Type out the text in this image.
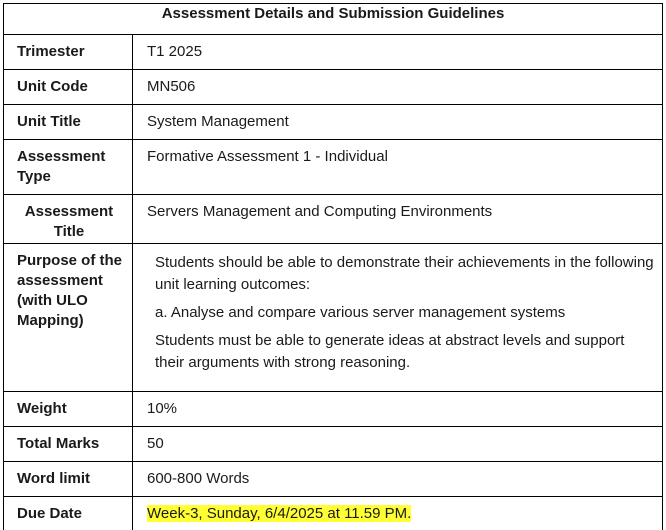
Assessment Details and Submission Guidelines	
Trimester	T1 2025
Unit Code	MN506
Unit Title	System Management
Assessment Type	Formative Assessment 1 - Individual
Assessment Title	Servers Management and Computing Environments
Purpose of the assessment (with ULO Mapping)	Students should be able to demonstrate their achievements in the following unit learning outcomes:

a. Analyse and compare various server management systems

Students must be able to generate ideas at abstract levels and support their arguments with strong reasoning.

Weight	10%
Total Marks	50
Word limit	600-800 Words
Due Date	Week-3, Sunday, 6/4/2025 at 11.59 PM.
